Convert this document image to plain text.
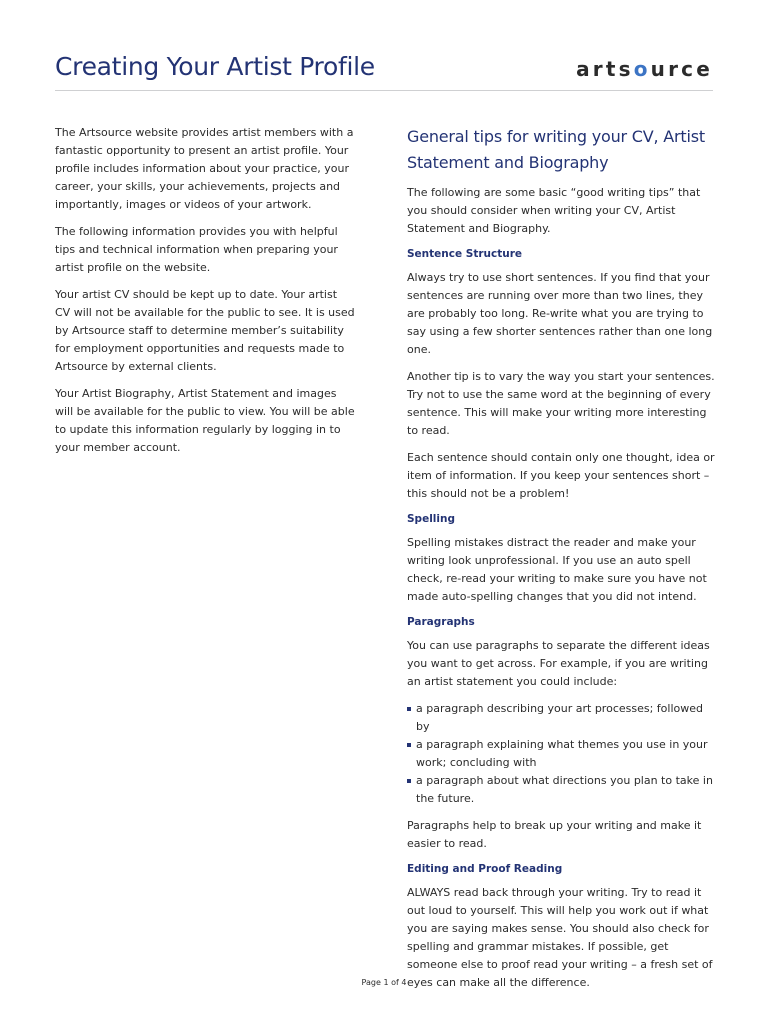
Creating Your Artist Profile	artsource

The Artsource website provides artist members with a fantastic opportunity to present an artist profile. Your profile includes information about your practice, your career, your skills, your achievements, projects and importantly, images or videos of your artwork.

The following information provides you with helpful tips and technical information when preparing your artist profile on the website.

Your artist CV should be kept up to date. Your artist CV will not be available for the public to see. It is used by Artsource staff to determine member’s suitability for employment opportunities and requests made to Artsource by external clients.

Your Artist Biography, Artist Statement and images will be available for the public to view. You will be able to update this information regularly by logging in to your member account.

General tips for writing your CV, Artist Statement and Biography

The following are some basic “good writing tips” that you should consider when writing your CV, Artist Statement and Biography.

Sentence Structure

Always try to use short sentences. If you find that your sentences are running over more than two lines, they are probably too long. Re-write what you are trying to say using a few shorter sentences rather than one long one.

Another tip is to vary the way you start your sentences. Try not to use the same word at the beginning of every sentence. This will make your writing more interesting to read.

Each sentence should contain only one thought, idea or item of information. If you keep your sentences short – this should not be a problem!

Spelling

Spelling mistakes distract the reader and make your writing look unprofessional. If you use an auto spell check, re-read your writing to make sure you have not made auto-spelling changes that you did not intend.

Paragraphs

You can use paragraphs to separate the different ideas you want to get across. For example, if you are writing an artist statement you could include:

a paragraph describing your art processes; followed by
a paragraph explaining what themes you use in your work; concluding with
a paragraph about what directions you plan to take in the future.

Paragraphs help to break up your writing and make it easier to read.

Editing and Proof Reading

ALWAYS read back through your writing. Try to read it out loud to yourself. This will help you work out if what you are saying makes sense. You should also check for spelling and grammar mistakes. If possible, get someone else to proof read your writing – a fresh set of eyes can make all the difference.

Page 1 of 4
